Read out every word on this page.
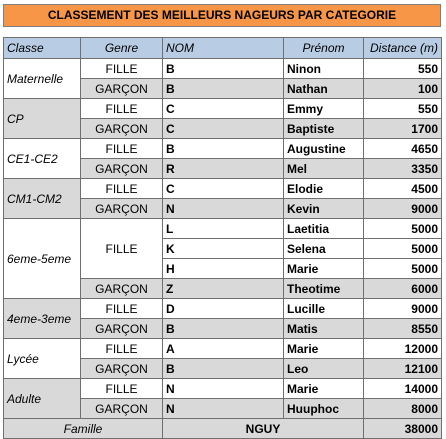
CLASSEMENT DES MEILLEURS NAGEURS PAR CATEGORIE
Classe	Genre	NOM	Prénom	Distance (m)
Maternelle	FILLE	B	Ninon	550
	GARÇON	B	Nathan	100
CP	FILLE	C	Emmy	550
	GARÇON	C	Baptiste	1700
CE1-CE2	FILLE	B	Augustine	4650
	GARÇON	R	Mel	3350
CM1-CM2	FILLE	C	Elodie	4500
	GARÇON	N	Kevin	9000
6eme-5eme	FILLE	L	Laetitia	5000
		K	Selena	5000
		H	Marie	5000
	GARÇON	Z	Theotime	6000
4eme-3eme	FILLE	D	Lucille	9000
	GARÇON	B	Matis	8550
Lycée	FILLE	A	Marie	12000
	GARÇON	B	Leo	12100
Adulte	FILLE	N	Marie	14000
	GARÇON	N	Huuphoc	8000
Famille		NGUY		38000
